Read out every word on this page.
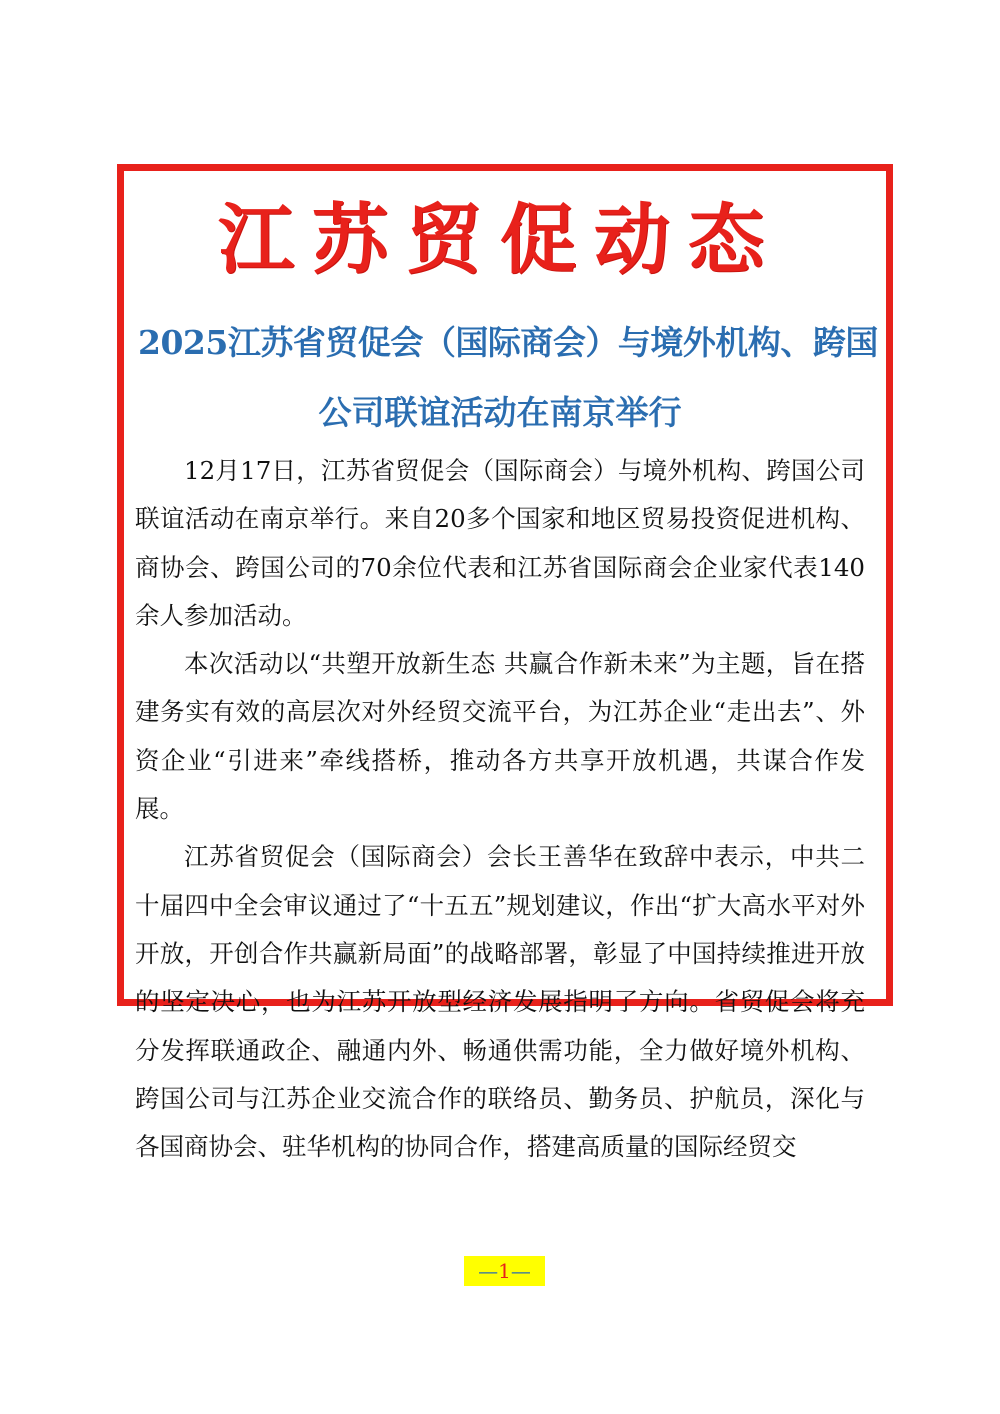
江苏贸促动态
2025江苏省贸促会（国际商会）与境外机构、跨国
公司联谊活动在南京举行

12月17日，江苏省贸促会（国际商会）与境外机构、跨国公司联谊活动在南京举行。来自20多个国家和地区贸易投资促进机构、商协会、跨国公司的70余位代表和江苏省国际商会企业家代表140余人参加活动。

本次活动以“共塑开放新生态 共赢合作新未来”为主题，旨在搭建务实有效的高层次对外经贸交流平台，为江苏企业“走出去”、外资企业“引进来”牵线搭桥，推动各方共享开放机遇，共谋合作发展。

江苏省贸促会（国际商会）会长王善华在致辞中表示，中共二十届四中全会审议通过了“十五五”规划建议，作出“扩大高水平对外开放，开创合作共赢新局面”的战略部署，彰显了中国持续推进开放的坚定决心，也为江苏开放型经济发展指明了方向。省贸促会将充分发挥联通政企、融通内外、畅通供需功能，全力做好境外机构、跨国公司与江苏企业交流合作的联络员、勤务员、护航员，深化与各国商协会、驻华机构的协同合作，搭建高质量的国际经贸交

—1—
